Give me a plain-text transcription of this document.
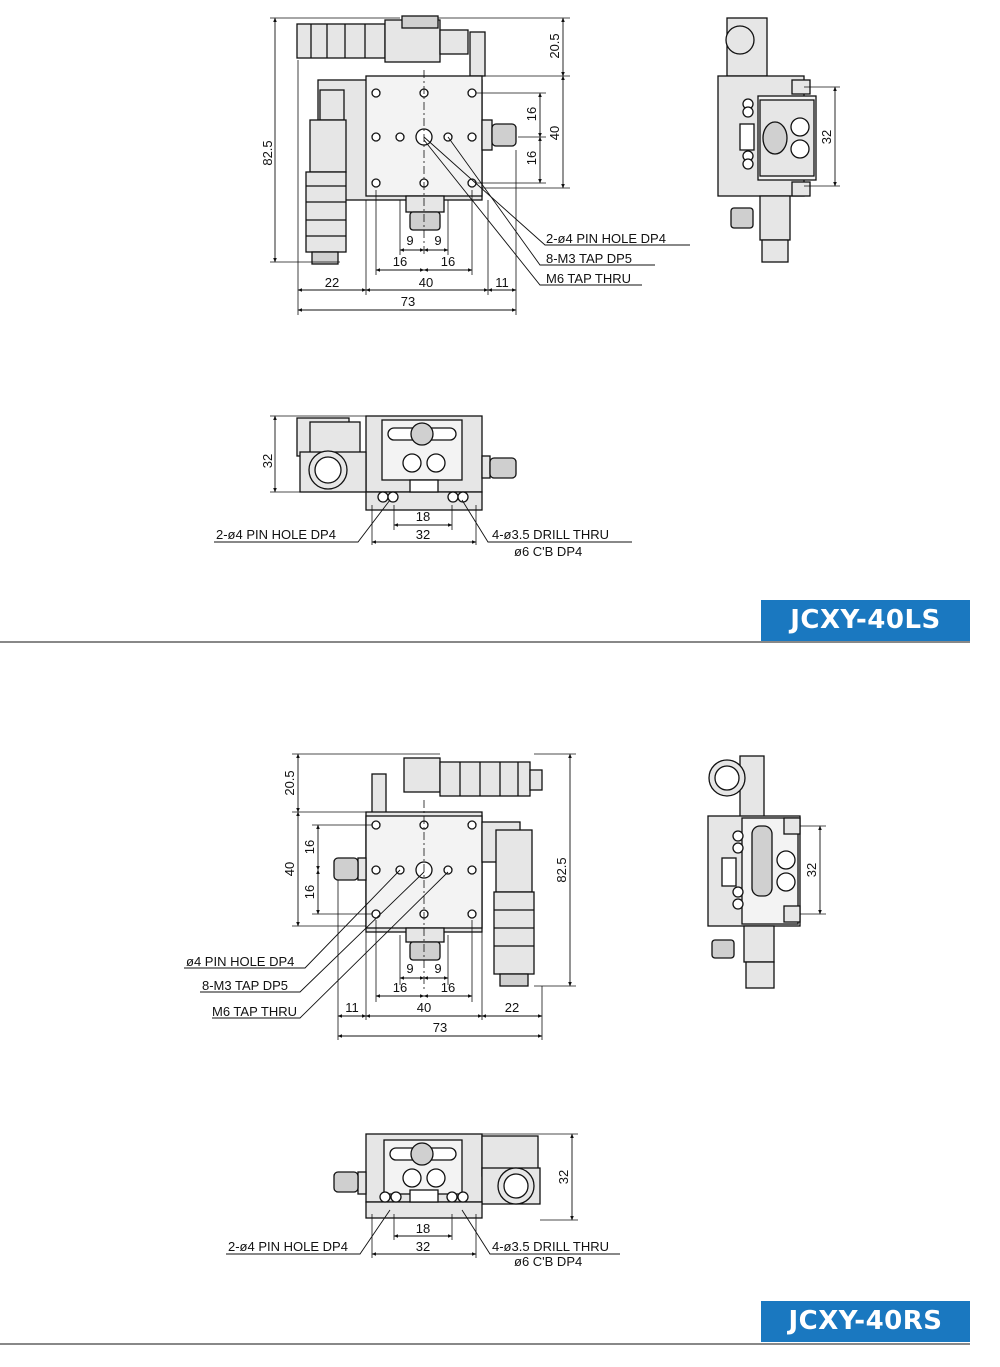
82.5
20.5
40
16
16
9 9
16	16
22	40	11
73
2-ø4 PIN HOLE DP4
8-M3 TAP DP5
M6 TAP THRU
32
32
18
32
2-ø4 PIN HOLE DP4	4-ø3.5 DRILL THRU
ø6 C'B DP4
20.5
40
16
16
82.5
9 9
16	16
11	40	22
73
ø4 PIN HOLE DP4
8-M3 TAP DP5
M6 TAP THRU
32
32
18
32
2-ø4 PIN HOLE DP4	4-ø3.5 DRILL THRU
ø6 C'B DP4
JCXY-40LS
JCXY-40RS
